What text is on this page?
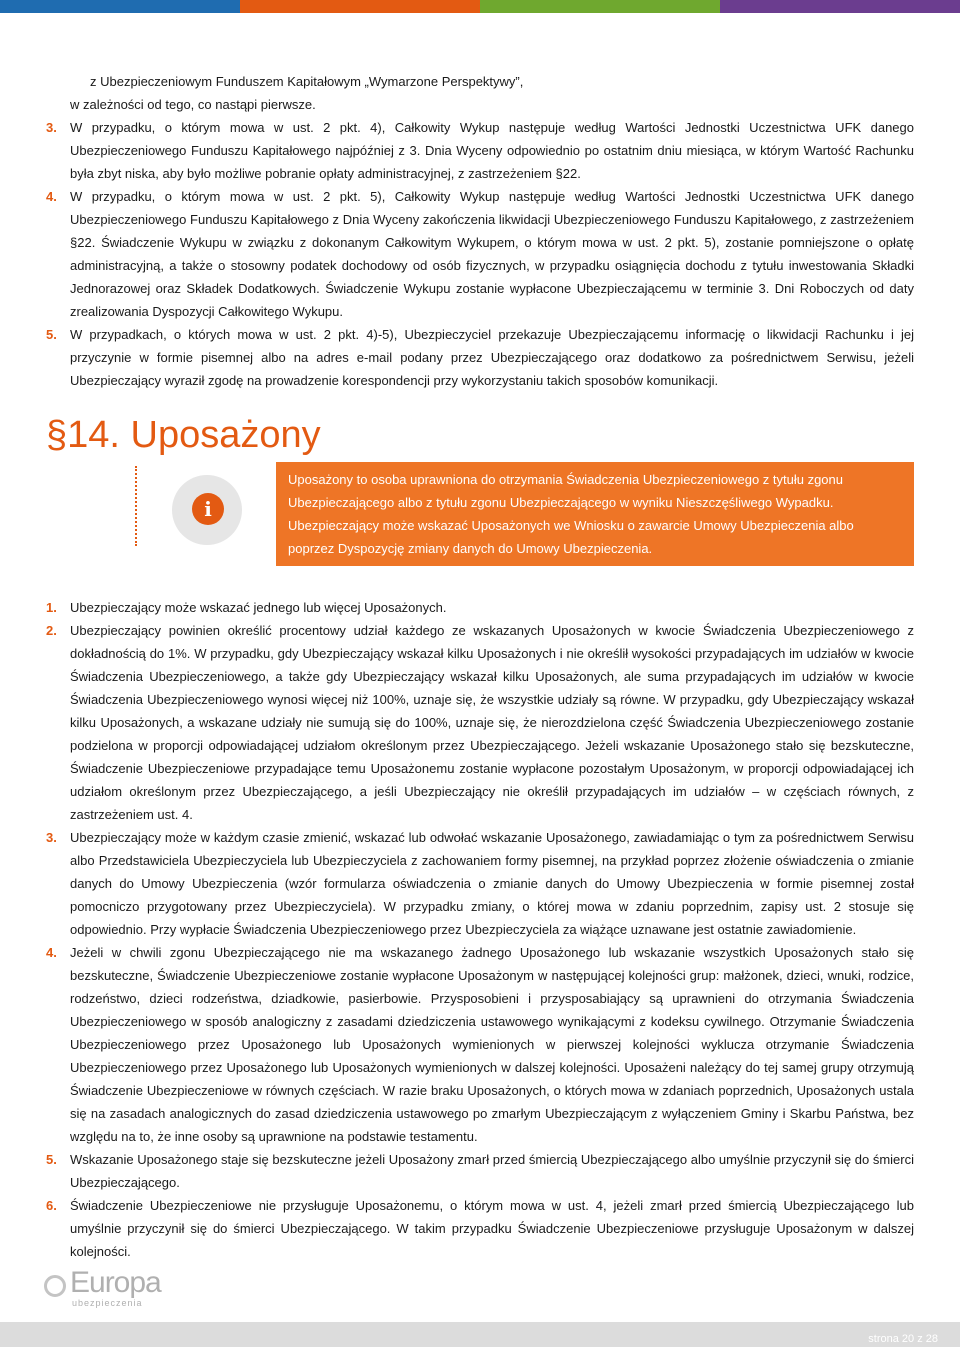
z Ubezpieczeniowym Funduszem Kapitałowym „Wymarzone Perspektywy”,

w zależności od tego, co nastąpi pierwsze.

3.	W przypadku, o którym mowa w ust. 2 pkt. 4), Całkowity Wykup następuje według Wartości Jednostki Uczestnictwa UFK danego Ubezpieczeniowego Funduszu Kapitałowego najpóźniej z 3. Dnia Wyceny odpowiednio po ostatnim dniu miesiąca, w którym Wartość Rachunku była zbyt niska, aby było możliwe pobranie opłaty administracyjnej, z zastrzeżeniem §22.
4.	W przypadku, o którym mowa w ust. 2 pkt. 5), Całkowity Wykup następuje według Wartości Jednostki Uczestnictwa UFK danego Ubezpieczeniowego Funduszu Kapitałowego z Dnia Wyceny zakończenia likwidacji Ubezpieczeniowego Funduszu Kapitałowego, z zastrzeżeniem §22. Świadczenie Wykupu w związku z dokonanym Całkowitym Wykupem, o którym mowa w ust. 2 pkt. 5), zostanie pomniejszone o opłatę administracyjną, a także o stosowny podatek dochodowy od osób fizycznych, w przypadku osiągnięcia dochodu z tytułu inwestowania Składki Jednorazowej oraz Składek Dodatkowych. Świadczenie Wykupu zostanie wypłacone Ubezpieczającemu w terminie 3. Dni Roboczych od daty zrealizowania Dyspozycji Całkowitego Wykupu.
5.	W przypadkach, o których mowa w ust. 2 pkt. 4)-5), Ubezpieczyciel przekazuje Ubezpieczającemu informację o likwidacji Rachunku i jej przyczynie w formie pisemnej albo na adres e-mail podany przez Ubezpieczającego oraz dodatkowo za pośrednictwem Serwisu, jeżeli Ubezpieczający wyraził zgodę na prowadzenie korespondencji przy wykorzystaniu takich sposobów komunikacji.
§14. Uposażony
i
Uposażony to osoba uprawniona do otrzymania Świadczenia Ubezpieczeniowego z tytułu zgonu Ubezpieczającego albo z tytułu zgonu Ubezpieczającego w wyniku Nieszczęśliwego Wypadku. Ubezpieczający może wskazać Uposażonych we Wniosku o zawarcie Umowy Ubezpieczenia albo poprzez Dyspozycję zmiany danych do Umowy Ubezpieczenia.
1.	Ubezpieczający może wskazać jednego lub więcej Uposażonych.
2.	Ubezpieczający powinien określić procentowy udział każdego ze wskazanych Uposażonych w kwocie Świadczenia Ubezpieczeniowego z dokładnością do 1%. W przypadku, gdy Ubezpieczający wskazał kilku Uposażonych i nie określił wysokości przypadających im udziałów w kwocie Świadczenia Ubezpieczeniowego, a także gdy Ubezpieczający wskazał kilku Uposażonych, ale suma przypadających im udziałów w kwocie Świadczenia Ubezpieczeniowego wynosi więcej niż 100%, uznaje się, że wszystkie udziały są równe. W przypadku, gdy Ubezpieczający wskazał kilku Uposażonych, a wskazane udziały nie sumują się do 100%, uznaje się, że nierozdzielona część Świadczenia Ubezpieczeniowego zostanie podzielona w proporcji odpowiadającej udziałom określonym przez Ubezpieczającego. Jeżeli wskazanie Uposażonego stało się bezskuteczne, Świadczenie Ubezpieczeniowe przypadające temu Uposażonemu zostanie wypłacone pozostałym Uposażonym, w proporcji odpowiadającej ich udziałom określonym przez Ubezpieczającego, a jeśli Ubezpieczający nie określił przypadających im udziałów – w częściach równych, z zastrzeżeniem ust. 4.
3.	Ubezpieczający może w każdym czasie zmienić, wskazać lub odwołać wskazanie Uposażonego, zawiadamiając o tym za pośrednictwem Serwisu albo Przedstawiciela Ubezpieczyciela lub Ubezpieczyciela z zachowaniem formy pisemnej, na przykład poprzez złożenie oświadczenia o zmianie danych do Umowy Ubezpieczenia (wzór formularza oświadczenia o zmianie danych do Umowy Ubezpieczenia w formie pisemnej został pomocniczo przygotowany przez Ubezpieczyciela). W przypadku zmiany, o której mowa w zdaniu poprzednim, zapisy ust. 2 stosuje się odpowiednio. Przy wypłacie Świadczenia Ubezpieczeniowego przez Ubezpieczyciela za wiążące uznawane jest ostatnie zawiadomienie.
4.	Jeżeli w chwili zgonu Ubezpieczającego nie ma wskazanego żadnego Uposażonego lub wskazanie wszystkich Uposażonych stało się bezskuteczne, Świadczenie Ubezpieczeniowe zostanie wypłacone Uposażonym w następującej kolejności grup: małżonek, dzieci, wnuki, rodzice, rodzeństwo, dzieci rodzeństwa, dziadkowie, pasierbowie. Przysposobieni i przysposabiający są uprawnieni do otrzymania Świadczenia Ubezpieczeniowego w sposób analogiczny z zasadami dziedziczenia ustawowego wynikającymi z kodeksu cywilnego. Otrzymanie Świadczenia Ubezpieczeniowego przez Uposażonego lub Uposażonych wymienionych w pierwszej kolejności wyklucza otrzymanie Świadczenia Ubezpieczeniowego przez Uposażonego lub Uposażonych wymienionych w dalszej kolejności. Uposażeni należący do tej samej grupy otrzymują Świadczenie Ubezpieczeniowe w równych częściach. W razie braku Uposażonych, o których mowa w zdaniach poprzednich, Uposażonych ustala się na zasadach analogicznych do zasad dziedziczenia ustawowego po zmarłym Ubezpieczającym z wyłączeniem Gminy i Skarbu Państwa, bez względu na to, że inne osoby są uprawnione na podstawie testamentu.
5.	Wskazanie Uposażonego staje się bezskuteczne jeżeli Uposażony zmarł przed śmiercią Ubezpieczającego albo umyślnie przyczynił się do śmierci Ubezpieczającego.
6.	Świadczenie Ubezpieczeniowe nie przysługuje Uposażonemu, o którym mowa w ust. 4, jeżeli zmarł przed śmiercią Ubezpieczającego lub umyślnie przyczynił się do śmierci Ubezpieczającego. W takim przypadku Świadczenie Ubezpieczeniowe przysługuje Uposażonym w dalszej kolejności.
Europa
ubezpieczenia
strona 20 z 28
